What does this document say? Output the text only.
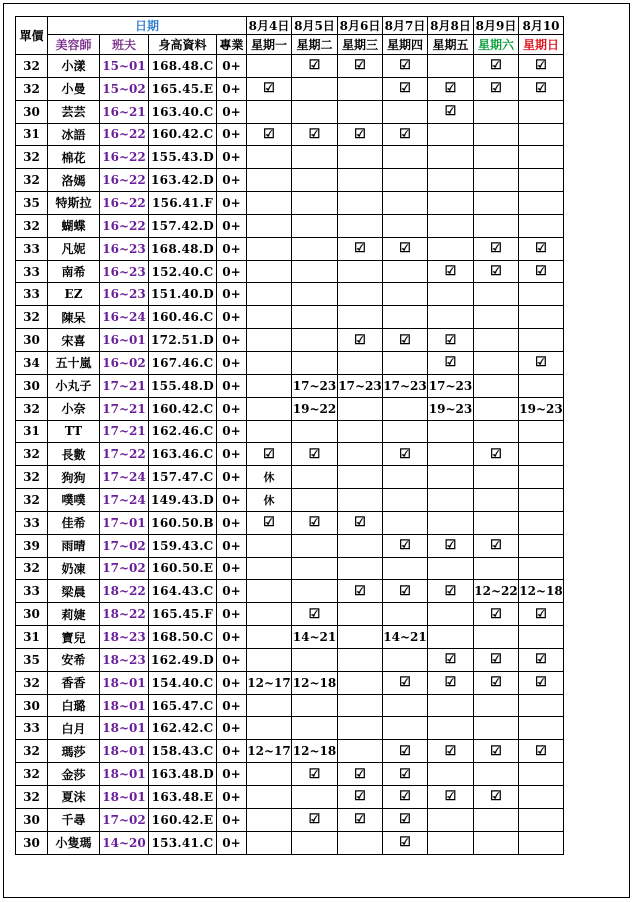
單價	日期				8月4日	8月5日	8月6日	8月7日	8月8日	8月9日	8月10
	美容師	班夫	身高資料	專業	星期一	星期二	星期三	星期四	星期五	星期六	星期日
32	小漾	15~01	168.48.C	0+		☑	☑	☑		☑	☑
32	小曼	15~02	165.45.E	0+	☑			☑	☑	☑	☑
30	芸芸	16~21	163.40.C	0+					☑		
31	冰語	16~22	160.42.C	0+	☑	☑	☑	☑			
32	棉花	16~22	155.43.D	0+							
32	洛嫣	16~22	163.42.D	0+							
35	特斯拉	16~22	156.41.F	0+							
32	蝴蝶	16~22	157.42.D	0+							
33	凡妮	16~23	168.48.D	0+			☑	☑		☑	☑
33	南希	16~23	152.40.C	0+					☑	☑	☑
33	EZ	16~23	151.40.D	0+							
32	陳呆	16~24	160.46.C	0+							
30	宋喜	16~01	172.51.D	0+			☑	☑	☑		
34	五十嵐	16~02	167.46.C	0+					☑		☑
30	小丸子	17~21	155.48.D	0+		17~23	17~23	17~23	17~23		
32	小奈	17~21	160.42.C	0+		19~22			19~23		19~23
31	TT	17~21	162.46.C	0+							
32	長數	17~22	163.46.C	0+	☑	☑		☑		☑	
32	狗狗	17~24	157.47.C	0+	休						
32	噗噗	17~24	149.43.D	0+	休						
33	佳希	17~01	160.50.B	0+	☑	☑	☑				
39	雨晴	17~02	159.43.C	0+				☑	☑	☑	
32	奶凍	17~02	160.50.E	0+							
33	梁晨	18~22	164.43.C	0+			☑	☑	☑	12~22	12~18
30	莉婕	18~22	165.45.F	0+		☑				☑	☑
31	寶兒	18~23	168.50.C	0+		14~21		14~21			
35	安希	18~23	162.49.D	0+					☑	☑	☑
32	香香	18~01	154.40.C	0+	12~17	12~18		☑	☑	☑	☑
30	白璐	18~01	165.47.C	0+							
33	白月	18~01	162.42.C	0+							
32	瑪莎	18~01	158.43.C	0+	12~17	12~18		☑	☑	☑	☑
32	金莎	18~01	163.48.D	0+		☑	☑	☑			
32	夏沫	18~01	163.48.E	0+			☑	☑	☑	☑	
30	千尋	17~02	160.42.E	0+		☑	☑	☑			
30	小隻瑪	14~20	153.41.C	0+				☑			
